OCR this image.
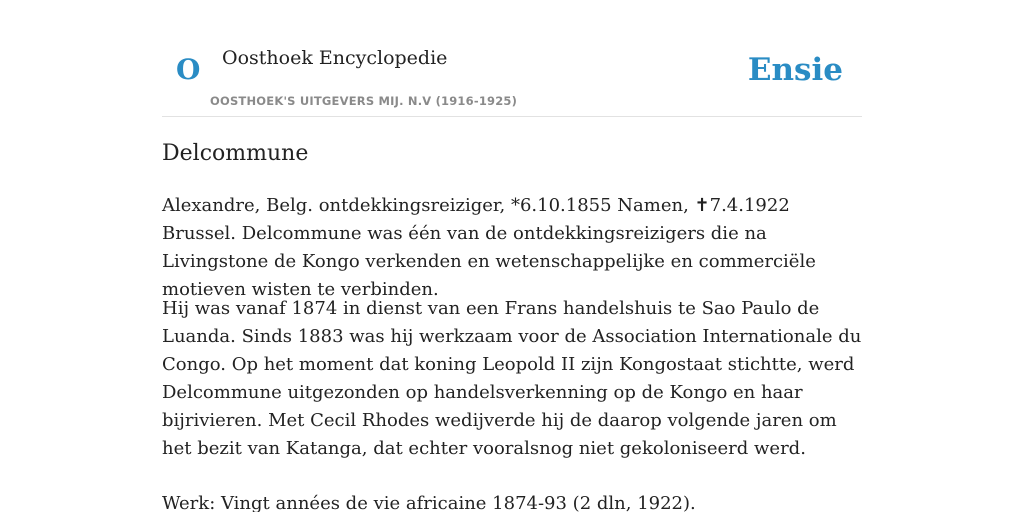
O Oosthoek Encyclopedie
OOSTHOEK'S UITGEVERS MIJ. N.V (1916-1925)
Ensie
Delcommune

Alexandre, Belg. ontdekkingsreiziger, *6.10.1855 Namen, ✝7.4.1922 Brussel. Delcommune was één van de ontdekkingsreizigers die na Livingstone de Kongo verkenden en wetenschappelijke en commerciële motieven wisten te verbinden.

Hij was vanaf 1874 in dienst van een Frans handelshuis te Sao Paulo de Luanda. Sinds 1883 was hij werkzaam voor de Association Internationale du Congo. Op het moment dat koning Leopold II zijn Kongostaat stichtte, werd Delcommune uitgezonden op handelsverkenning op de Kongo en haar bijrivieren. Met Cecil Rhodes wedijverde hij de daarop volgende jaren om het bezit van Katanga, dat echter vooralsnog niet gekoloniseerd werd.

Werk: Vingt années de vie africaine 1874-93 (2 dln, 1922).
